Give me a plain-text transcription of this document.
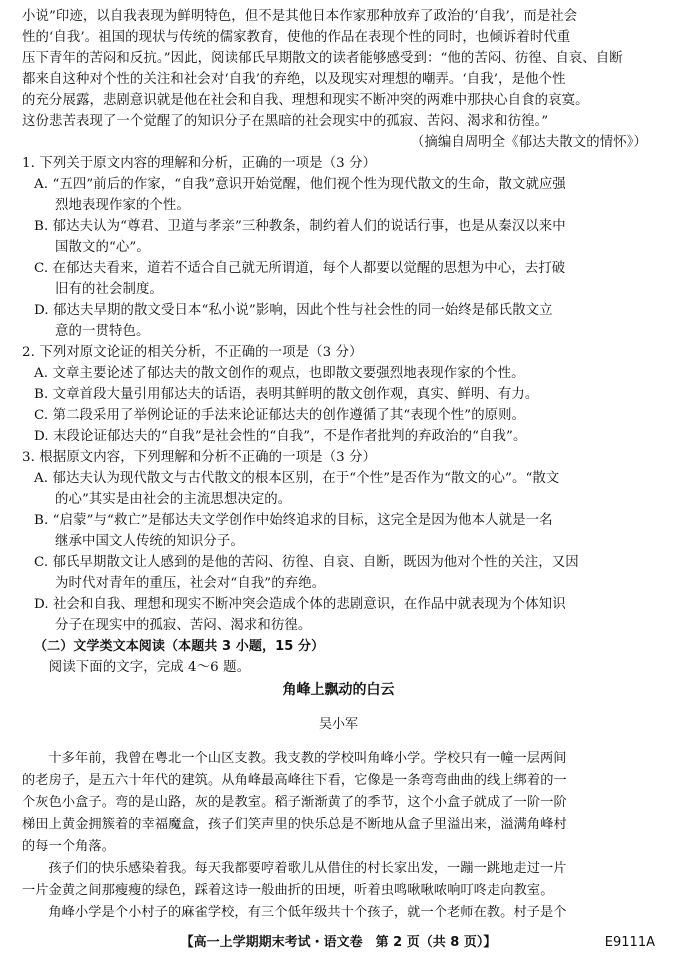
小说”印迹，以自我表现为鲜明特色，但不是其他日本作家那种放弃了政治的‘自我’，而是社会

性的‘自我’。祖国的现状与传统的儒家教育，使他的作品在表现个性的同时，也倾诉着时代重

压下青年的苦闷和反抗。”因此，阅读郁氏早期散文的读者能够感受到：“他的苦闷、彷徨、自哀、自断

都来自这种对个性的关注和社会对‘自我’的弃绝，以及现实对理想的嘲弄。‘自我’，是他个性

的充分展露，悲剧意识就是他在社会和自我、理想和现实不断冲突的两难中那抉心自食的哀寞。

这份悲苦表现了一个觉醒了的知识分子在黑暗的社会现实中的孤寂、苦闷、渴求和彷徨。”

（摘编自周明全《郁达夫散文的情怀》）

1. 下列关于原文内容的理解和分析，正确的一项是（3 分）

A. “五四”前后的作家，“自我”意识开始觉醒，他们视个性为现代散文的生命，散文就应强

烈地表现作家的个性。

B. 郁达夫认为“尊君、卫道与孝亲”三种教条，制约着人们的说话行事，也是从秦汉以来中

国散文的“心”。

C. 在郁达夫看来，道若不适合自己就无所谓道，每个人都要以觉醒的思想为中心，去打破

旧有的社会制度。

D. 郁达夫早期的散文受日本“私小说”影响，因此个性与社会性的同一始终是郁氏散文立

意的一贯特色。

2. 下列对原文论证的相关分析，不正确的一项是（3 分）

A. 文章主要论述了郁达夫的散文创作的观点，也即散文要强烈地表现作家的个性。

B. 文章首段大量引用郁达夫的话语，表明其鲜明的散文创作观，真实、鲜明、有力。

C. 第二段采用了举例论证的手法来论证郁达夫的创作遵循了其“表现个性”的原则。

D. 末段论证郁达夫的“自我”是社会性的“自我”，不是作者批判的弃政治的“自我”。

3. 根据原文内容，下列理解和分析不正确的一项是（3 分）

A. 郁达夫认为现代散文与古代散文的根本区别，在于“个性”是否作为“散文的心”。“散文

的心”其实是由社会的主流思想决定的。

B. “启蒙”与“救亡”是郁达夫文学创作中始终追求的目标，这完全是因为他本人就是一名

继承中国文人传统的知识分子。

C. 郁氏早期散文让人感到的是他的苦闷、彷徨、自哀、自断，既因为他对个性的关注，又因

为时代对青年的重压，社会对“自我”的弃绝。

D. 社会和自我、理想和现实不断冲突会造成个体的悲剧意识，在作品中就表现为个体知识

分子在现实中的孤寂、苦闷、渴求和彷徨。

（二）文学类文本阅读（本题共 3 小题，15 分）

阅读下面的文字，完成 4～6 题。

角峰上飘动的白云

吴小军

十多年前，我曾在粤北一个山区支教。我支教的学校叫角峰小学。学校只有一幢一层两间

的老房子，是五六十年代的建筑。从角峰最高峰往下看，它像是一条弯弯曲曲的线上绑着的一

个灰色小盒子。弯的是山路，灰的是教室。稻子渐渐黄了的季节，这个小盒子就成了一阶一阶

梯田上黄金拥簇着的幸福魔盒，孩子们笑声里的快乐总是不断地从盒子里溢出来，溢满角峰村

的每一个角落。

孩子们的快乐感染着我。每天我都要哼着歌儿从借住的村长家出发，一蹦一跳地走过一片

一片金黄之间那瘦瘦的绿色，踩着这诗一般曲折的田埂，听着虫鸣啾啾哝响叮咚走向教室。

角峰小学是个小村子的麻雀学校，有三个低年级共十个孩子，就一个老师在教。村子是个

【高一上学期期末考试・语文卷　第 2 页（共 8 页）】	E9111A
